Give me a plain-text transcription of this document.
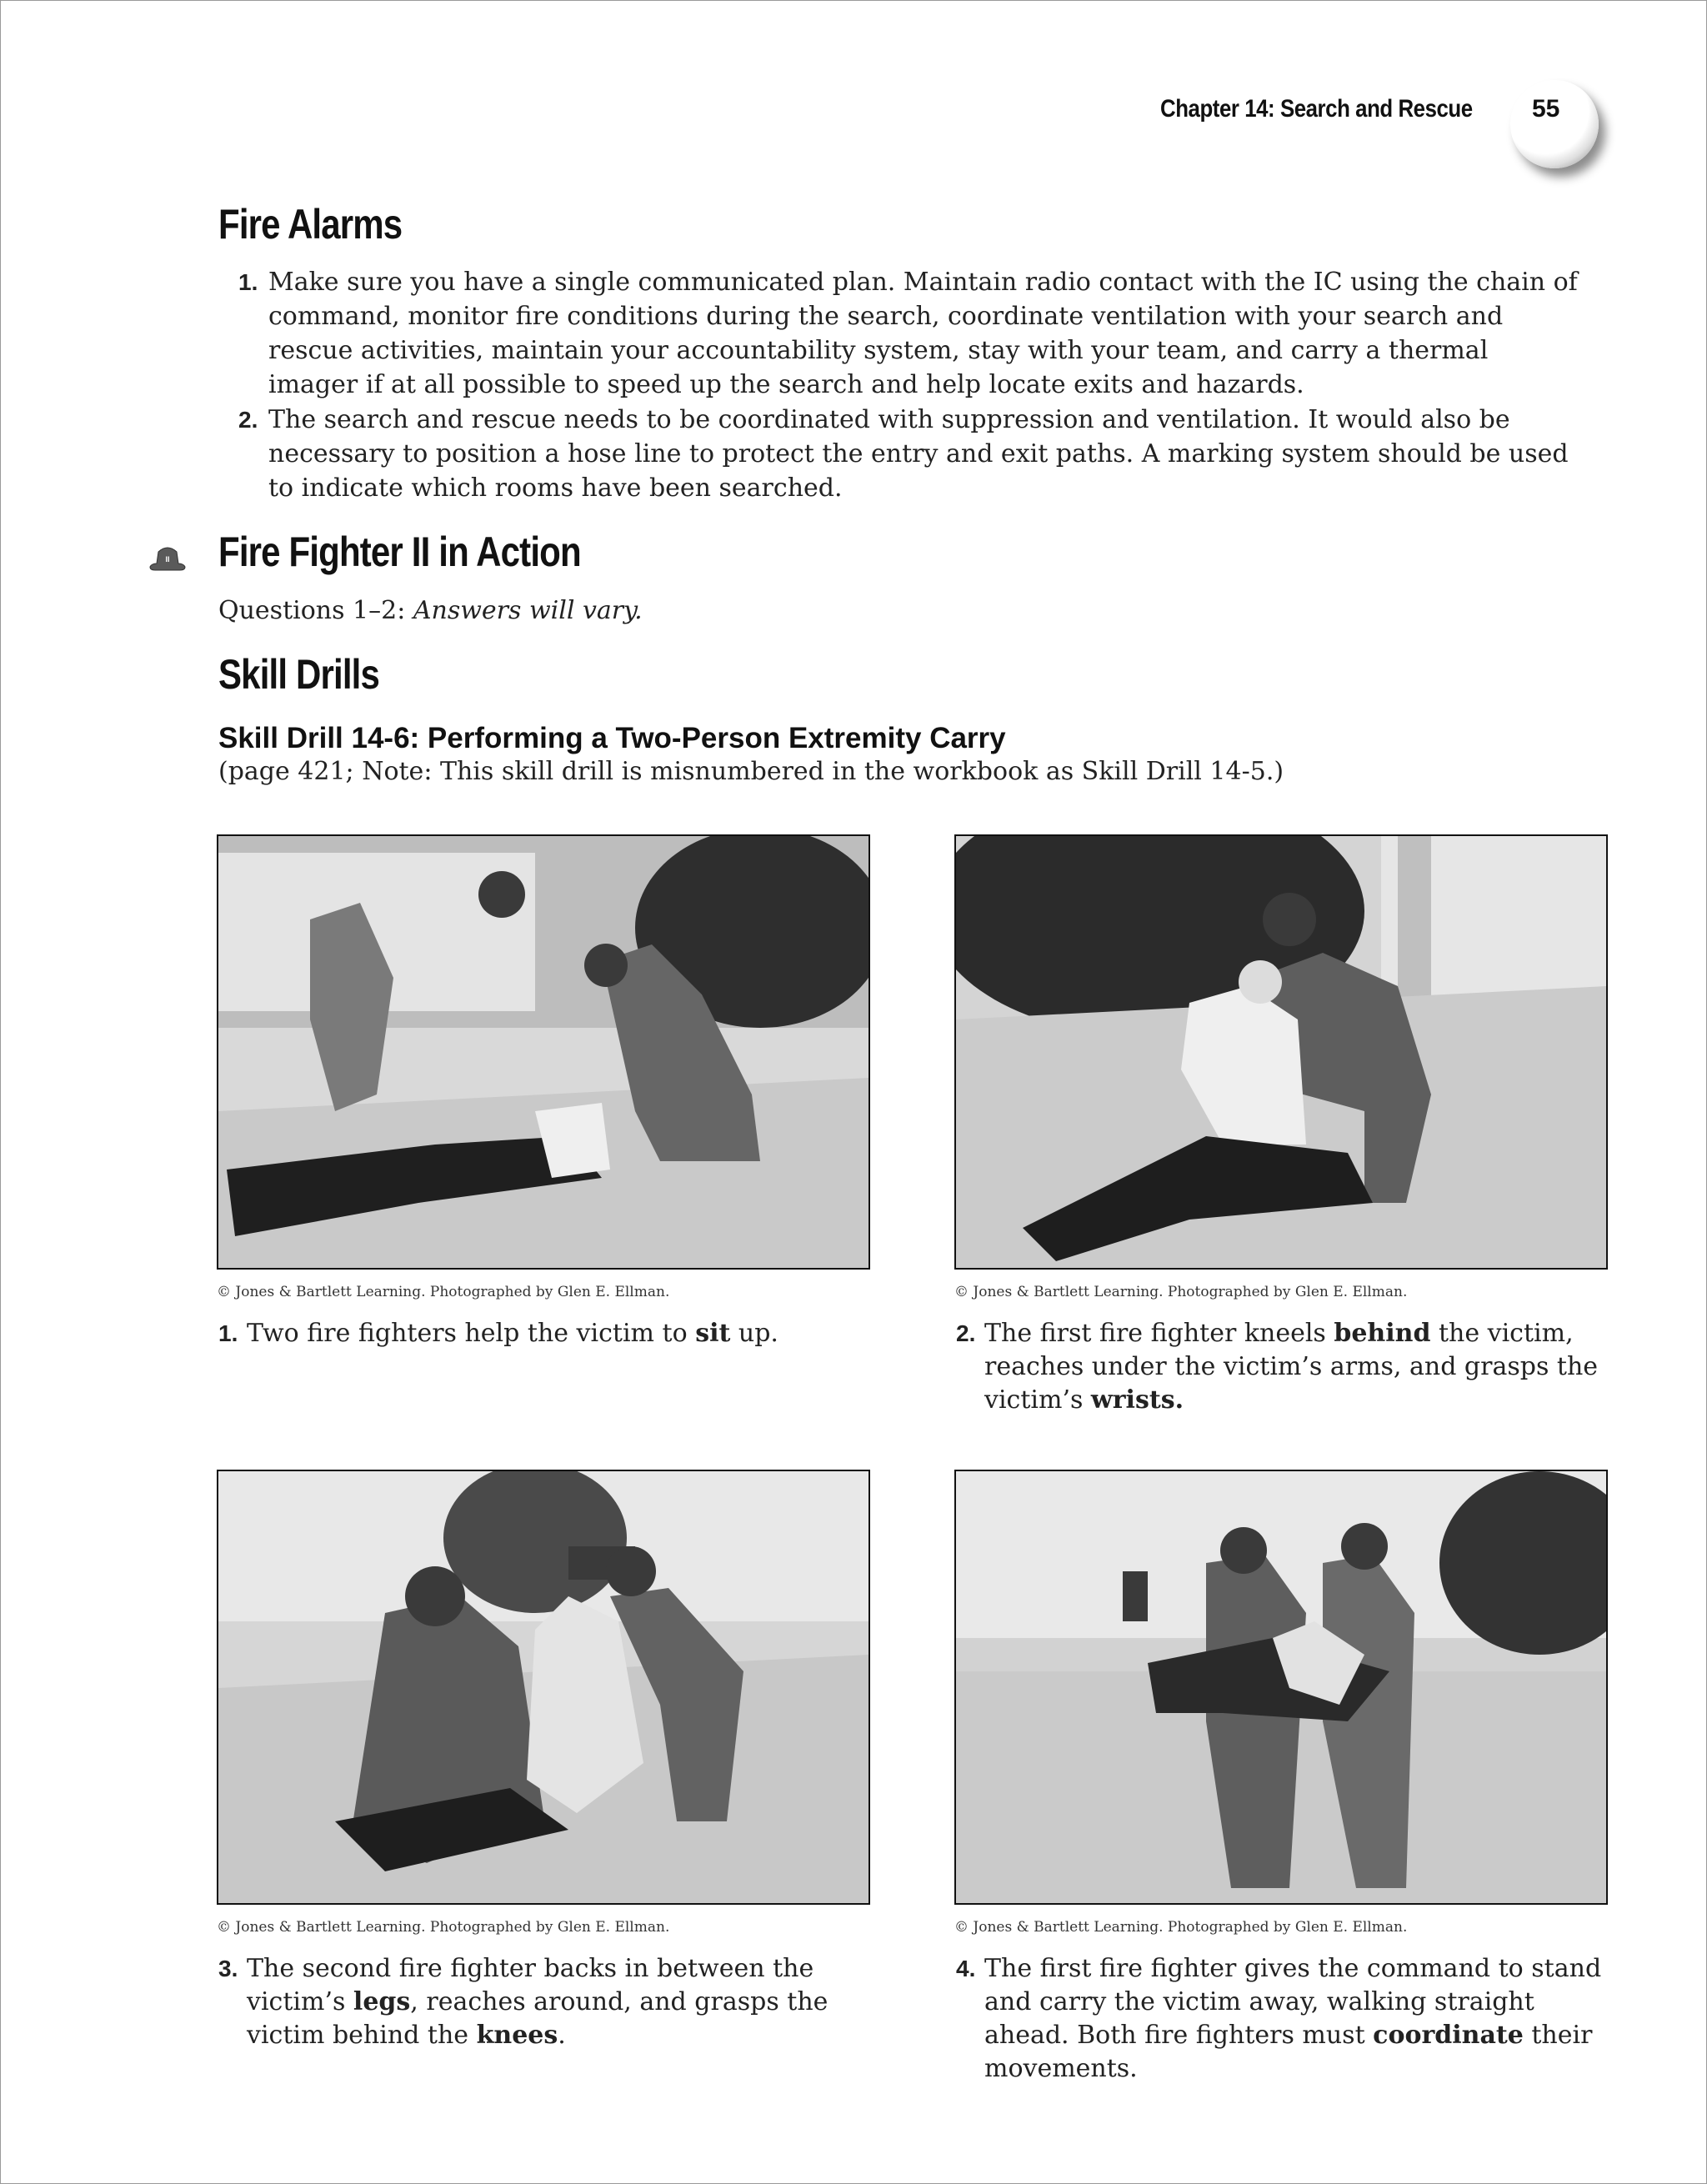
Chapter 14: Search and Rescue 55
Fire Alarms
1. Make sure you have a single communicated plan. Maintain radio contact with the IC using the chain of command, monitor fire conditions during the search, coordinate ventilation with your search and rescue activities, maintain your accountability system, stay with your team, and carry a thermal imager if at all possible to speed up the search and help locate exits and hazards.
2. The search and rescue needs to be coordinated with suppression and ventilation. It would also be necessary to position a hose line to protect the entry and exit paths. A marking system should be used to indicate which rooms have been searched.
II Fire Fighter II in Action
Questions 1–2: Answers will vary.
Skill Drills
Skill Drill 14-6: Performing a Two-Person Extremity Carry
(page 421; Note: This skill drill is misnumbered in the workbook as Skill Drill 14-5.)
© Jones & Bartlett Learning. Photographed by Glen E. Ellman.
1. Two fire fighters help the victim to sit up.
© Jones & Bartlett Learning. Photographed by Glen E. Ellman.
2. The first fire fighter kneels behind the victim, reaches under the victim’s arms, and grasps the victim’s wrists.
© Jones & Bartlett Learning. Photographed by Glen E. Ellman.
3. The second fire fighter backs in between the victim’s legs, reaches around, and grasps the victim behind the knees.
© Jones & Bartlett Learning. Photographed by Glen E. Ellman.
4. The first fire fighter gives the command to stand and carry the victim away, walking straight ahead. Both fire fighters must coordinate their movements.
